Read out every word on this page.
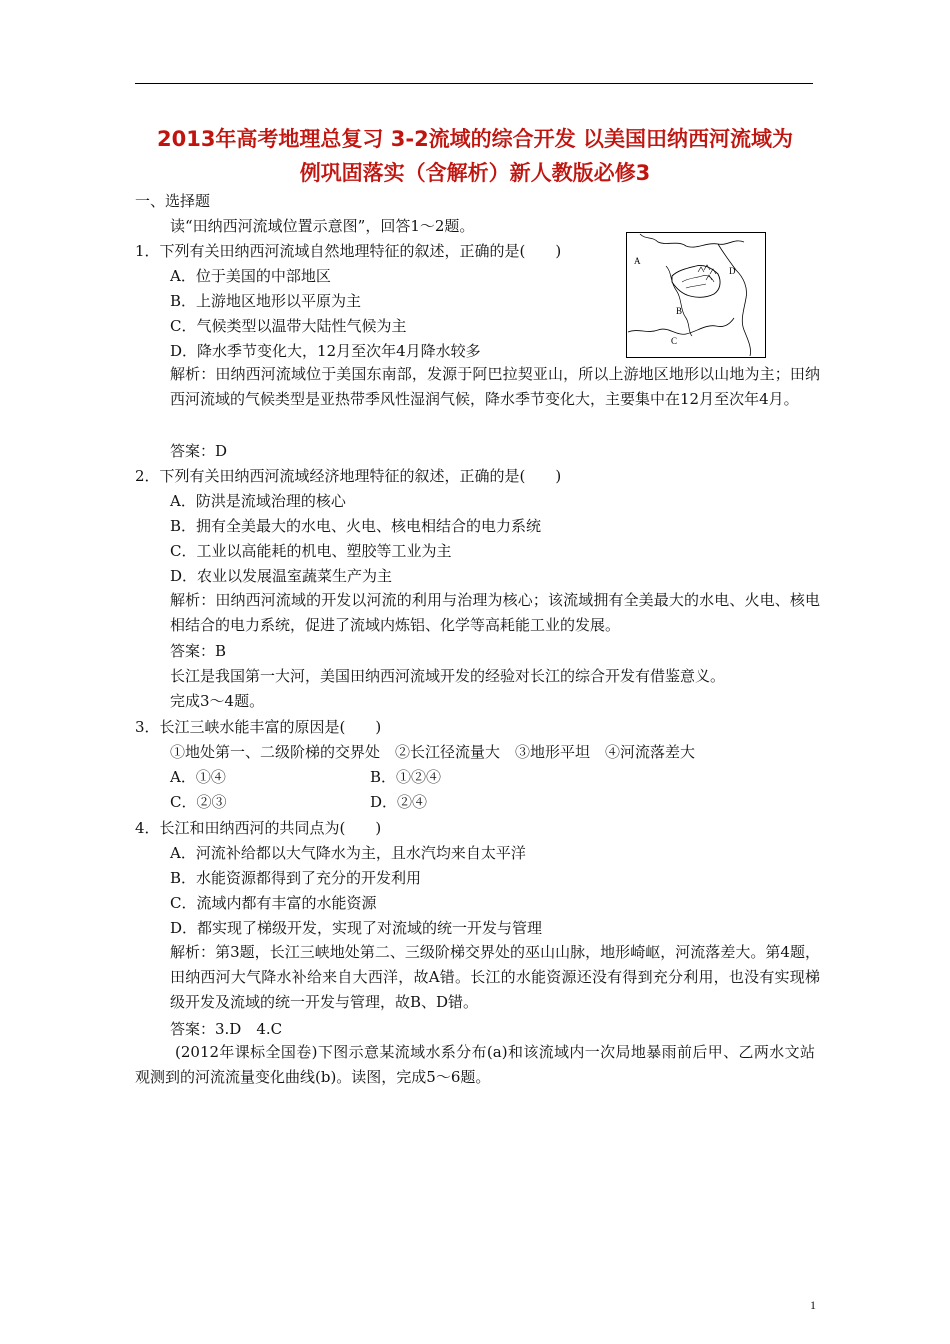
2013年高考地理总复习 3-2流域的综合开发 以美国田纳西河流域为
例巩固落实（含解析）新人教版必修3
一、选择题
读“田纳西河流域位置示意图”，回答1～2题。
A
B
C
D
1．下列有关田纳西河流域自然地理特征的叙述，正确的是(　　)
A．位于美国的中部地区
B．上游地区地形以平原为主
C．气候类型以温带大陆性气候为主
D．降水季节变化大，12月至次年4月降水较多
解析：田纳西河流域位于美国东南部，发源于阿巴拉契亚山，所以上游地区地形以山地为主；田纳西河流域的气候类型是亚热带季风性湿润气候，降水季节变化大，主要集中在12月至次年4月。
答案：D
2．下列有关田纳西河流域经济地理特征的叙述，正确的是(　　)
A．防洪是流域治理的核心
B．拥有全美最大的水电、火电、核电相结合的电力系统
C．工业以高能耗的机电、塑胶等工业为主
D．农业以发展温室蔬菜生产为主
解析：田纳西河流域的开发以河流的利用与治理为核心；该流域拥有全美最大的水电、火电、核电相结合的电力系统，促进了流域内炼铝、化学等高耗能工业的发展。
答案：B
长江是我国第一大河，美国田纳西河流域开发的经验对长江的综合开发有借鉴意义。
完成3～4题。
3．长江三峡水能丰富的原因是(　　)
①地处第一、二级阶梯的交界处　②长江径流量大　③地形平坦　④河流落差大
A．①④	B．①②④
C．②③	D．②④
4．长江和田纳西河的共同点为(　　)
A．河流补给都以大气降水为主，且水汽均来自太平洋
B．水能资源都得到了充分的开发利用
C．流域内都有丰富的水能资源
D．都实现了梯级开发，实现了对流域的统一开发与管理
解析：第3题，长江三峡地处第二、三级阶梯交界处的巫山山脉，地形崎岖，河流落差大。第4题，田纳西河大气降水补给来自大西洋，故A错。长江的水能资源还没有得到充分利用，也没有实现梯级开发及流域的统一开发与管理，故B、D错。
答案：3.D　4.C
(2012年课标全国卷)下图示意某流域水系分布(a)和该流域内一次局地暴雨前后甲、乙两水文站观测到的河流流量变化曲线(b)。读图，完成5～6题。
1
